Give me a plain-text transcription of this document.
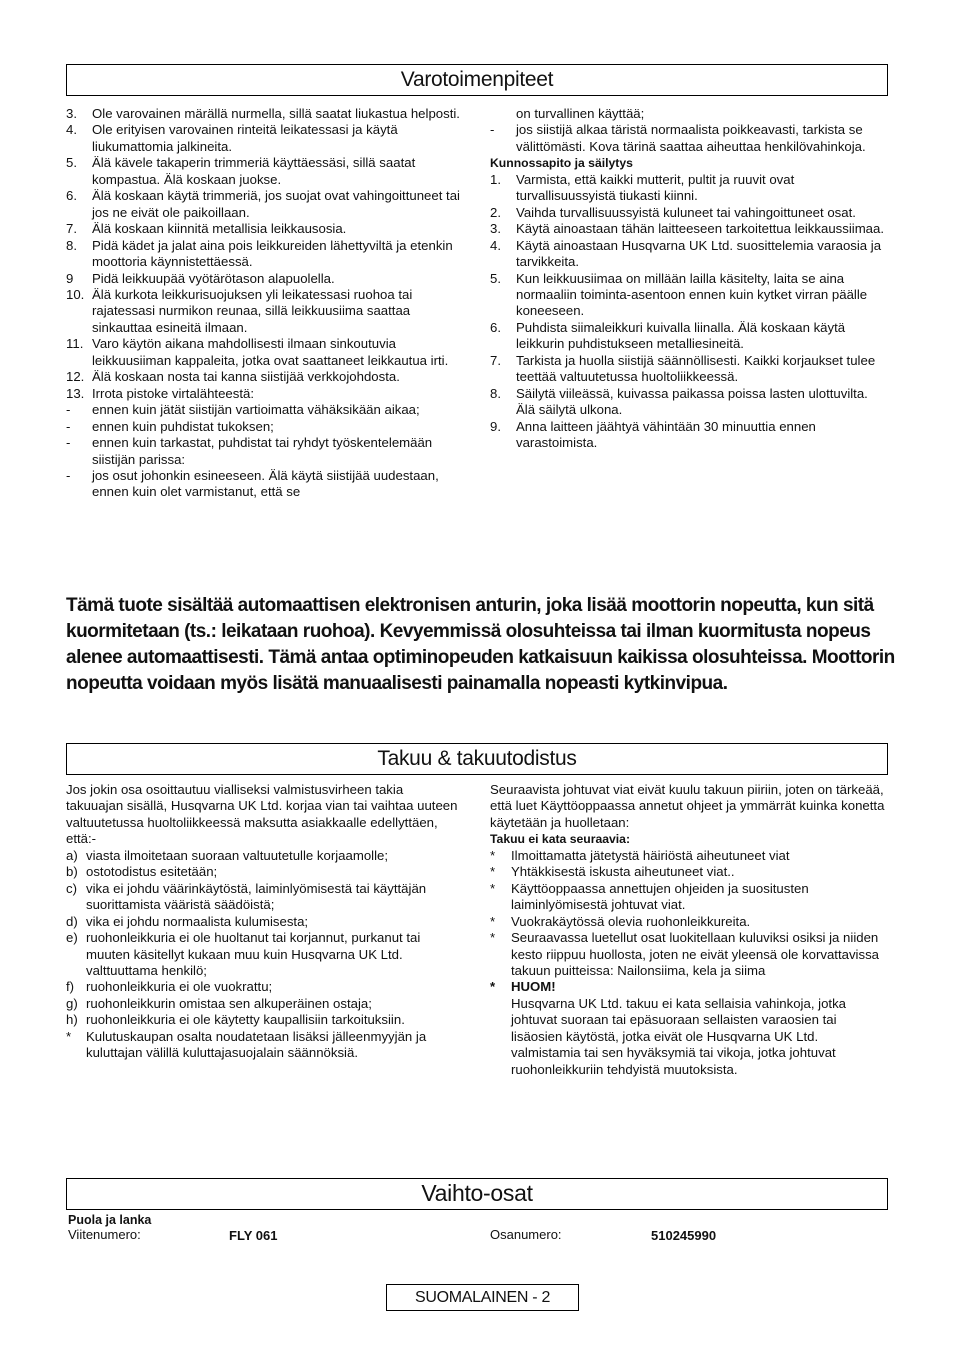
Varotoimenpiteet
3.	Ole varovainen märällä nurmella, sillä saatat liukastua helposti.
4.	Ole erityisen varovainen rinteitä leikatessasi ja käytä liukumattomia jalkineita.
5.	Älä kävele takaperin trimmeriä käyttäessäsi, sillä saatat kompastua. Älä koskaan juokse.
6.	Älä koskaan käytä trimmeriä, jos suojat ovat vahingoittuneet tai jos ne eivät ole paikoillaan.
7.	Älä koskaan kiinnitä metallisia leikkausosia.
8.	Pidä kädet ja jalat aina pois leikkureiden lähettyviltä ja etenkin moottoria käynnistettäessä.
9	Pidä leikkuupää vyötärötason alapuolella.
10. Älä kurkota leikkurisuojuksen yli leikatessasi ruohoa tai rajatessasi nurmikon reunaa, sillä leikkuusiima saattaa sinkauttaa esineitä ilmaan.
11. Varo käytön aikana mahdollisesti ilmaan sinkoutuvia leikkuusiiman kappaleita, jotka ovat saattaneet leikkautua irti.
12. Älä koskaan nosta tai kanna siistijää verkkojohdosta.
13. Irrota pistoke virtalähteestä:
-	ennen kuin jätät siistijän vartioimatta vähäksikään aikaa;
-	ennen kuin puhdistat tukoksen;
-	ennen kuin tarkastat, puhdistat tai ryhdyt työskentelemään siistijän parissa:
-	jos osut johonkin esineeseen. Älä käytä siistijää uudestaan, ennen kuin olet varmistanut, että se
on turvallinen käyttää;
-	jos siistijä alkaa täristä normaalista poikkeavasti, tarkista se välittömästi. Kova tärinä saattaa aiheuttaa henkilövahinkoja.
Kunnossapito ja säilytys
1.	Varmista, että kaikki mutterit, pultit ja ruuvit ovat turvallisuussyistä tiukasti kiinni.
2.	Vaihda turvallisuussyistä kuluneet tai vahingoittuneet osat.
3.	Käytä ainoastaan tähän laitteeseen tarkoitettua leikkaussiimaa.
4.	Käytä ainoastaan Husqvarna UK Ltd. suosittelemia varaosia ja tarvikkeita.
5.	Kun leikkuusiimaa on millään lailla käsitelty, laita se aina normaaliin toiminta-asentoon ennen kuin kytket virran päälle koneeseen.
6.	Puhdista siimaleikkuri kuivalla liinalla. Älä koskaan käytä leikkurin puhdistukseen metalliesineitä.
7.	Tarkista ja huolla siistijä säännöllisesti. Kaikki korjaukset tulee teettää valtuutetussa huoltoliikkeessä.
8.	Säilytä viileässä, kuivassa paikassa poissa lasten ulottuvilta. Älä säilytä ulkona.
9.	Anna laitteen jäähtyä vähintään 30 minuuttia ennen varastoimista.
Tämä tuote sisältää automaattisen elektronisen anturin, joka lisää moottorin nopeutta, kun sitä kuormitetaan (ts.: leikataan ruohoa). Kevyemmissä olosuhteissa tai ilman kuormitusta nopeus alenee automaattisesti. Tämä antaa optiminopeuden katkaisuun kaikissa olosuhteissa. Moottorin nopeutta voidaan myös lisätä manuaalisesti painamalla nopeasti kytkinvipua.
Takuu & takuutodistus
Jos jokin osa osoittautuu vialliseksi valmistusvirheen takia takuuajan sisällä, Husqvarna UK Ltd. korjaa vian tai vaihtaa uuteen valtuutetussa huoltoliikkeessä maksutta asiakkaalle edellyttäen, että:-
a) viasta ilmoitetaan suoraan valtuutetulle korjaamolle;
b) ostotodistus esitetään;
c) vika ei johdu väärinkäytöstä, laiminlyömisestä tai käyttäjän suorittamista vääristä säädöistä;
d) vika ei johdu normaalista kulumisesta;
e) ruohonleikkuria ei ole huoltanut tai korjannut, purkanut tai muuten käsitellyt kukaan muu kuin Husqvarna UK Ltd. valttuuttama henkilö;
f) ruohonleikkuria ei ole vuokrattu;
g) ruohonleikkurin omistaa sen alkuperäinen ostaja;
h) ruohonleikkuria ei ole käytetty kaupallisiin tarkoituksiin.
*	Kulutuskaupan osalta noudatetaan lisäksi jälleenmyyjän ja kuluttajan välillä kuluttajasuojalain säännöksiä.
Seuraavista johtuvat viat eivät kuulu takuun piiriin, joten on tärkeää, että luet Käyttöoppaassa annetut ohjeet ja ymmärrät kuinka konetta käytetään ja huolletaan:
Takuu ei kata seuraavia:
*	Ilmoittamatta jätetystä häiriöstä aiheutuneet viat
*	Yhtäkkisestä iskusta aiheutuneet viat..
*	Käyttöoppaassa annettujen ohjeiden ja suositusten laiminlyömisestä johtuvat viat.
*	Vuokrakäytössä olevia ruohonleikkureita.
*	Seuraavassa luetellut osat luokitellaan kuluviksi osiksi ja niiden kesto riippuu huollosta, joten ne eivät yleensä ole korvattavissa takuun puitteissa: Nailonsiima, kela ja siima
*	HUOM!
Husqvarna UK Ltd. takuu ei kata sellaisia vahinkoja, jotka johtuvat suoraan tai epäsuoraan sellaisten varaosien tai lisäosien käytöstä, jotka eivät ole Husqvarna UK Ltd. valmistamia tai sen hyväksymiä tai vikoja, jotka johtuvat ruohonleikkuriin tehdyistä muutoksista.
Vaihto-osat
Puola ja lanka
Viitenumero:	FLY 061	Osanumero:	510245990
SUOMALAINEN - 2
